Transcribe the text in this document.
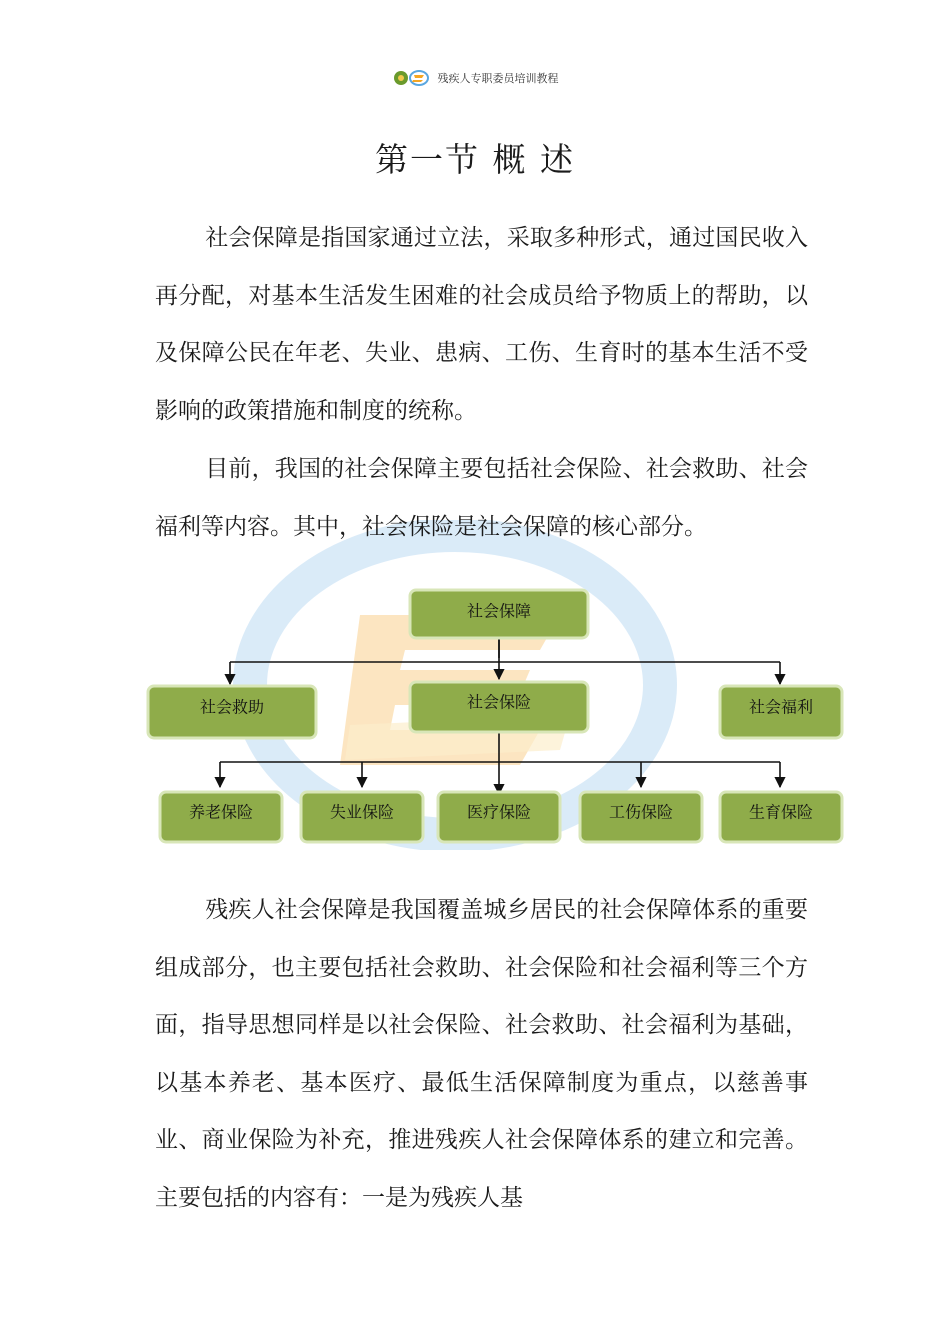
残疾人专职委员培训教程
第一节 概 述

社会保障是指国家通过立法，采取多种形式，通过国民收入再分配，对基本生活发生困难的社会成员给予物质上的帮助，以及保障公民在年老、失业、患病、工伤、生育时的基本生活不受影响的政策措施和制度的统称。

目前，我国的社会保障主要包括社会保险、社会救助、社会福利等内容。其中，社会保险是社会保障的核心部分。

社会保障
社会救助	社会保险	社会福利
养老保险	失业保险	医疗保险	工伤保险	生育保险

残疾人社会保障是我国覆盖城乡居民的社会保障体系的重要组成部分，也主要包括社会救助、社会保险和社会福利等三个方面，指导思想同样是以社会保险、社会救助、社会福利为基础，以基本养老、基本医疗、最低生活保障制度为重点，以慈善事业、商业保险为补充，推进残疾人社会保障体系的建立和完善。主要包括的内容有：一是为残疾人基
